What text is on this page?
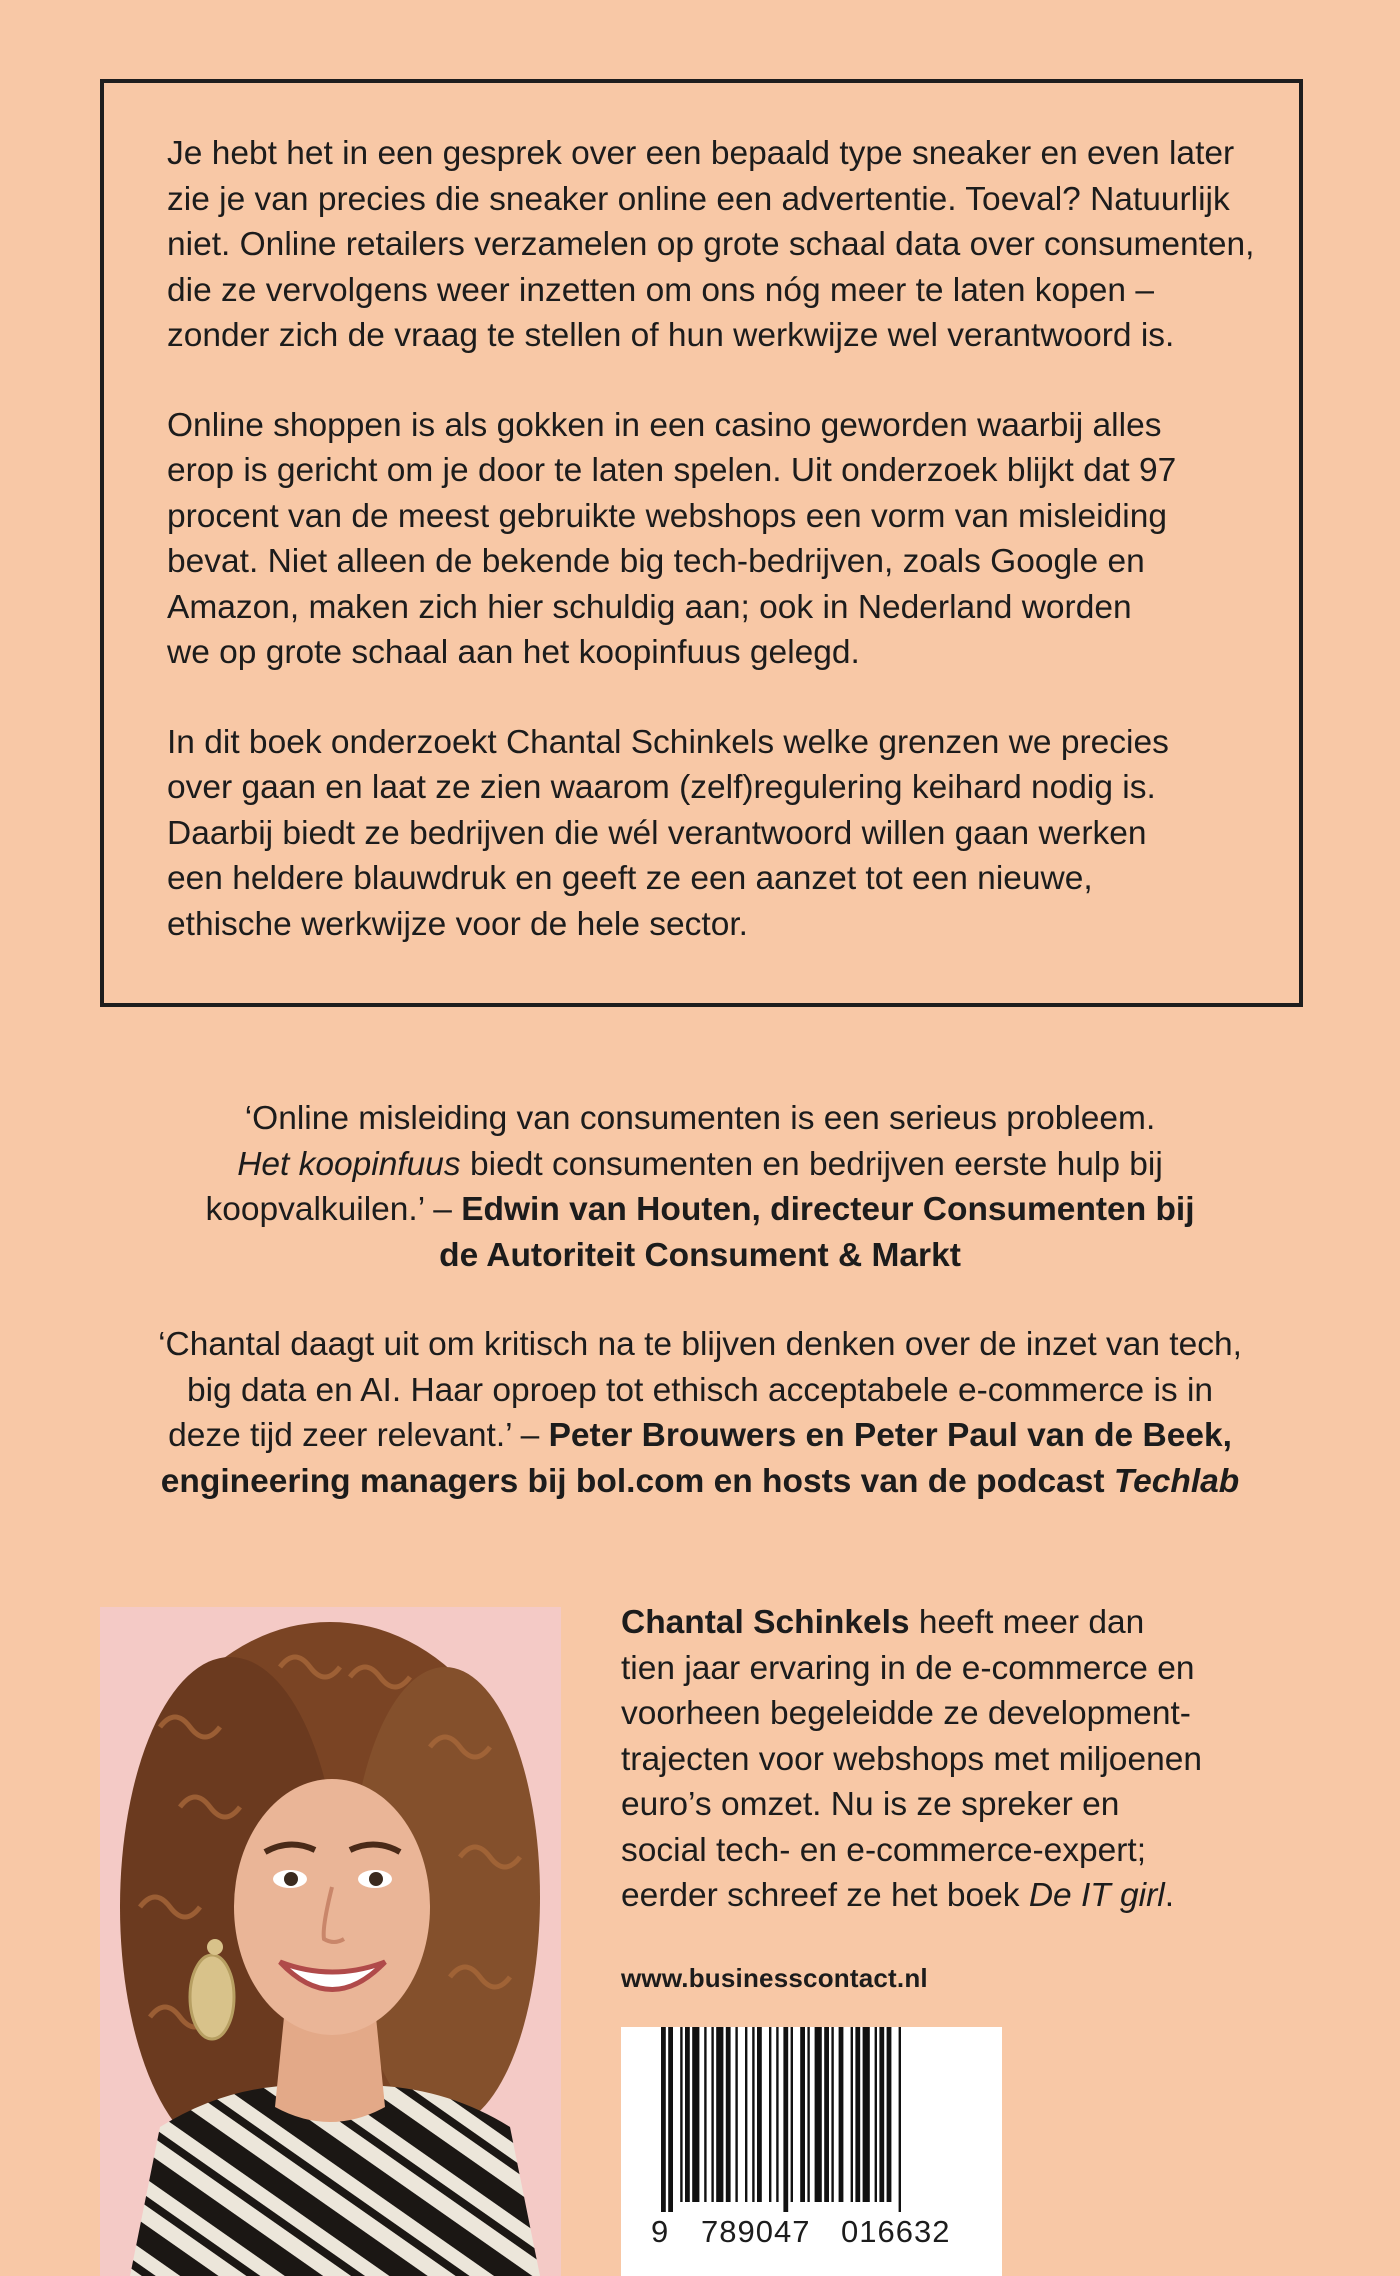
Je hebt het in een gesprek over een bepaald type sneaker en even later
zie je van precies die sneaker online een advertentie. Toeval? Natuurlijk
niet. Online retailers verzamelen op grote schaal data over consumenten,
die ze vervolgens weer inzetten om ons nóg meer te laten kopen –
zonder zich de vraag te stellen of hun werkwijze wel verantwoord is.

Online shoppen is als gokken in een casino geworden waarbij alles
erop is gericht om je door te laten spelen. Uit onderzoek blijkt dat 97
procent van de meest gebruikte webshops een vorm van misleiding
bevat. Niet alleen de bekende big tech-bedrijven, zoals Google en
Amazon, maken zich hier schuldig aan; ook in Nederland worden
we op grote schaal aan het koopinfuus gelegd.

In dit boek onderzoekt Chantal Schinkels welke grenzen we precies
over gaan en laat ze zien waarom (zelf)regulering keihard nodig is.
Daarbij biedt ze bedrijven die wél verantwoord willen gaan werken
een heldere blauwdruk en geeft ze een aanzet tot een nieuwe,
ethische werkwijze voor de hele sector.

‘Online misleiding van consumenten is een serieus probleem.
Het koopinfuus biedt consumenten en bedrijven eerste hulp bij
koopvalkuilen.’ – Edwin van Houten, directeur Consumenten bij
de Autoriteit Consument & Markt

‘Chantal daagt uit om kritisch na te blijven denken over de inzet van tech,
big data en AI. Haar oproep tot ethisch acceptabele e-commerce is in
deze tijd zeer relevant.’ – Peter Brouwers en Peter Paul van de Beek,
engineering managers bij bol.com en hosts van de podcast Techlab

Chantal Schinkels heeft meer dan
tien jaar ervaring in de e-commerce en
voorheen begeleidde ze development-
trajecten voor webshops met miljoenen
euro’s omzet. Nu is ze spreker en
social tech- en e-commerce-expert;
eerder schreef ze het boek De IT girl.
www.businesscontact.nl
9 789047 016632
